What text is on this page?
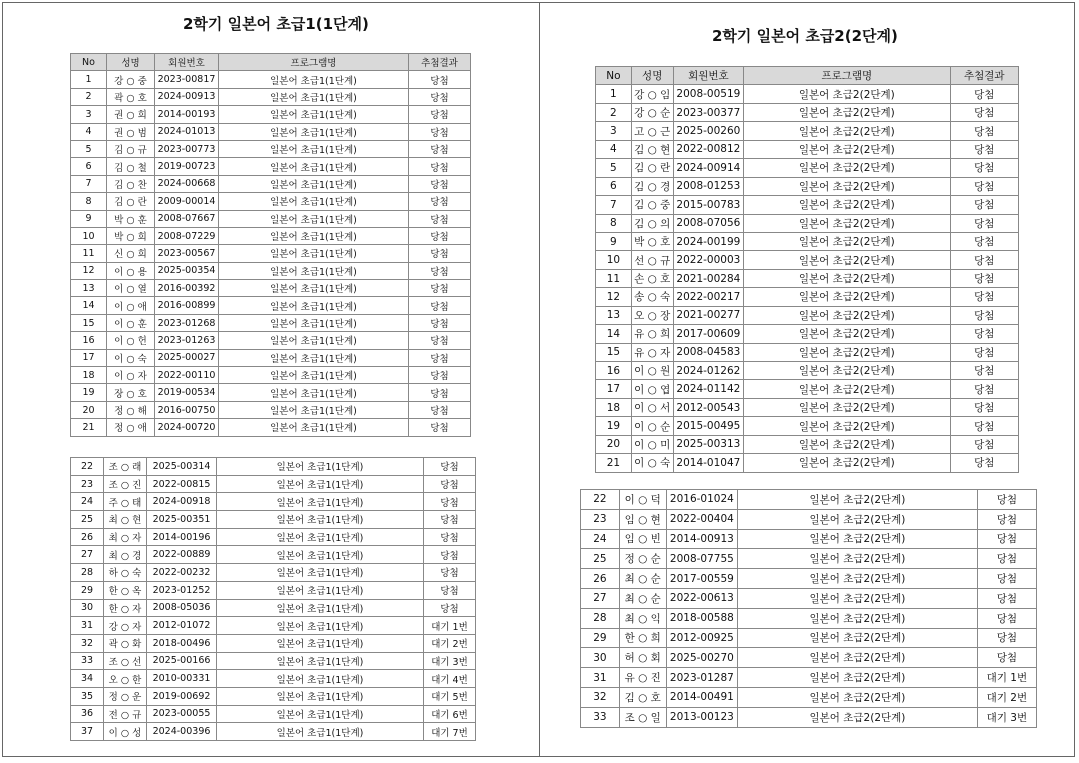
2학기 일본어 초급1(1단계)
2학기 일본어 초급2(2단계)
No	성명	회원번호	프로그램명	추첨결과
1	강 ○ 중	2023-00817	일본어 초급1(1단계)	당첨
2	곽 ○ 호	2024-00913	일본어 초급1(1단계)	당첨
3	권 ○ 희	2014-00193	일본어 초급1(1단계)	당첨
4	권 ○ 범	2024-01013	일본어 초급1(1단계)	당첨
5	김 ○ 규	2023-00773	일본어 초급1(1단계)	당첨
6	김 ○ 철	2019-00723	일본어 초급1(1단계)	당첨
7	김 ○ 찬	2024-00668	일본어 초급1(1단계)	당첨
8	김 ○ 란	2009-00014	일본어 초급1(1단계)	당첨
9	박 ○ 훈	2008-07667	일본어 초급1(1단계)	당첨
10	박 ○ 희	2008-07229	일본어 초급1(1단계)	당첨
11	신 ○ 희	2023-00567	일본어 초급1(1단계)	당첨
12	이 ○ 용	2025-00354	일본어 초급1(1단계)	당첨
13	이 ○ 열	2016-00392	일본어 초급1(1단계)	당첨
14	이 ○ 애	2016-00899	일본어 초급1(1단계)	당첨
15	이 ○ 훈	2023-01268	일본어 초급1(1단계)	당첨
16	이 ○ 헌	2023-01263	일본어 초급1(1단계)	당첨
17	이 ○ 숙	2025-00027	일본어 초급1(1단계)	당첨
18	이 ○ 자	2022-00110	일본어 초급1(1단계)	당첨
19	장 ○ 호	2019-00534	일본어 초급1(1단계)	당첨
20	정 ○ 해	2016-00750	일본어 초급1(1단계)	당첨
21	정 ○ 애	2024-00720	일본어 초급1(1단계)	당첨
22	조 ○ 래	2025-00314	일본어 초급1(1단계)	당첨
23	조 ○ 진	2022-00815	일본어 초급1(1단계)	당첨
24	주 ○ 태	2024-00918	일본어 초급1(1단계)	당첨
25	최 ○ 현	2025-00351	일본어 초급1(1단계)	당첨
26	최 ○ 자	2014-00196	일본어 초급1(1단계)	당첨
27	최 ○ 경	2022-00889	일본어 초급1(1단계)	당첨
28	하 ○ 숙	2022-00232	일본어 초급1(1단계)	당첨
29	한 ○ 옥	2023-01252	일본어 초급1(1단계)	당첨
30	한 ○ 자	2008-05036	일본어 초급1(1단계)	당첨
31	강 ○ 자	2012-01072	일본어 초급1(1단계)	대기 1번
32	곽 ○ 화	2018-00496	일본어 초급1(1단계)	대기 2번
33	조 ○ 선	2025-00166	일본어 초급1(1단계)	대기 3번
34	오 ○ 한	2010-00331	일본어 초급1(1단계)	대기 4번
35	정 ○ 운	2019-00692	일본어 초급1(1단계)	대기 5번
36	전 ○ 규	2023-00055	일본어 초급1(1단계)	대기 6번
37	이 ○ 성	2024-00396	일본어 초급1(1단계)	대기 7번
No	성명	회원번호	프로그램명	추첨결과
1	강 ○ 임	2008-00519	일본어 초급2(2단계)	당첨
2	강 ○ 순	2023-00377	일본어 초급2(2단계)	당첨
3	고 ○ 근	2025-00260	일본어 초급2(2단계)	당첨
4	김 ○ 현	2022-00812	일본어 초급2(2단계)	당첨
5	김 ○ 란	2024-00914	일본어 초급2(2단계)	당첨
6	김 ○ 경	2008-01253	일본어 초급2(2단계)	당첨
7	김 ○ 중	2015-00783	일본어 초급2(2단계)	당첨
8	김 ○ 의	2008-07056	일본어 초급2(2단계)	당첨
9	박 ○ 호	2024-00199	일본어 초급2(2단계)	당첨
10	선 ○ 규	2022-00003	일본어 초급2(2단계)	당첨
11	손 ○ 호	2021-00284	일본어 초급2(2단계)	당첨
12	송 ○ 숙	2022-00217	일본어 초급2(2단계)	당첨
13	오 ○ 장	2021-00277	일본어 초급2(2단계)	당첨
14	유 ○ 희	2017-00609	일본어 초급2(2단계)	당첨
15	유 ○ 자	2008-04583	일본어 초급2(2단계)	당첨
16	이 ○ 원	2024-01262	일본어 초급2(2단계)	당첨
17	이 ○ 엽	2024-01142	일본어 초급2(2단계)	당첨
18	이 ○ 서	2012-00543	일본어 초급2(2단계)	당첨
19	이 ○ 순	2015-00495	일본어 초급2(2단계)	당첨
20	이 ○ 미	2025-00313	일본어 초급2(2단계)	당첨
21	이 ○ 숙	2014-01047	일본어 초급2(2단계)	당첨
22	이 ○ 덕	2016-01024	일본어 초급2(2단계)	당첨
23	임 ○ 현	2022-00404	일본어 초급2(2단계)	당첨
24	임 ○ 빈	2014-00913	일본어 초급2(2단계)	당첨
25	정 ○ 순	2008-07755	일본어 초급2(2단계)	당첨
26	최 ○ 순	2017-00559	일본어 초급2(2단계)	당첨
27	최 ○ 순	2022-00613	일본어 초급2(2단계)	당첨
28	최 ○ 익	2018-00588	일본어 초급2(2단계)	당첨
29	한 ○ 희	2012-00925	일본어 초급2(2단계)	당첨
30	허 ○ 회	2025-00270	일본어 초급2(2단계)	당첨
31	유 ○ 진	2023-01287	일본어 초급2(2단계)	대기 1번
32	김 ○ 호	2014-00491	일본어 초급2(2단계)	대기 2번
33	조 ○ 일	2013-00123	일본어 초급2(2단계)	대기 3번
